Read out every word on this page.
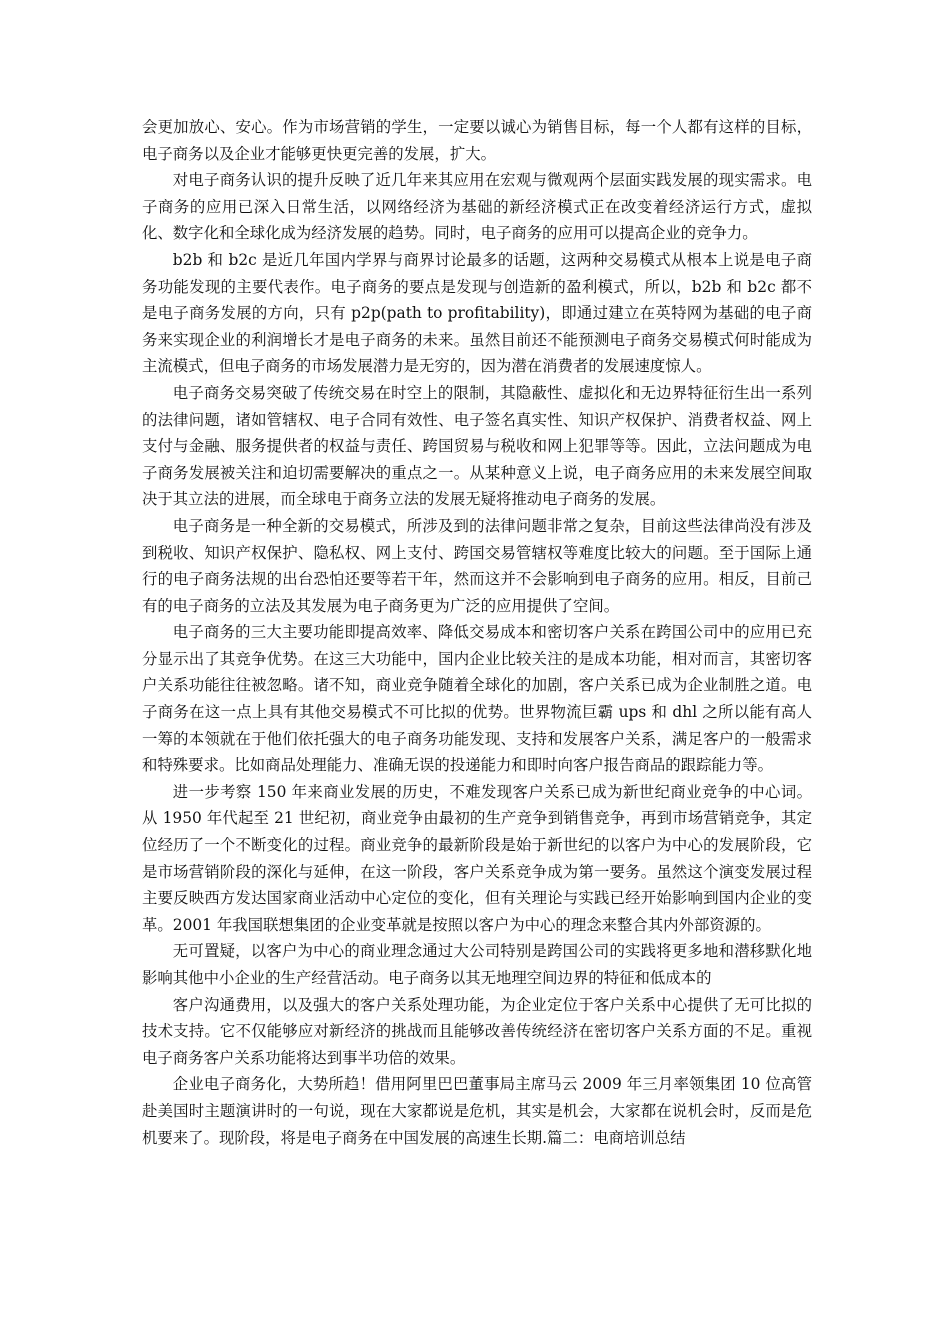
会更加放心、安心。作为市场营销的学生，一定要以诚心为销售目标，每一个人都有这样的目标，电子商务以及企业才能够更快更完善的发展，扩大。

对电子商务认识的提升反映了近几年来其应用在宏观与微观两个层面实践发展的现实需求。电子商务的应用已深入日常生活，以网络经济为基础的新经济模式正在改变着经济运行方式，虚拟化、数字化和全球化成为经济发展的趋势。同时，电子商务的应用可以提高企业的竞争力。

b2b 和 b2c 是近几年国内学界与商界讨论最多的话题，这两种交易模式从根本上说是电子商务功能发现的主要代表作。电子商务的要点是发现与创造新的盈利模式，所以，b2b 和 b2c 都不是电子商务发展的方向，只有 p2p(path to profitability)，即通过建立在英特网为基础的电子商务来实现企业的利润增长才是电子商务的未来。虽然目前还不能预测电子商务交易模式何时能成为主流模式，但电子商务的市场发展潜力是无穷的，因为潜在消费者的发展速度惊人。

电子商务交易突破了传统交易在时空上的限制，其隐蔽性、虚拟化和无边界特征衍生出一系列的法律问题，诸如管辖权、电子合同有效性、电子签名真实性、知识产权保护、消费者权益、网上支付与金融、服务提供者的权益与责任、跨国贸易与税收和网上犯罪等等。因此，立法问题成为电子商务发展被关注和迫切需要解决的重点之一。从某种意义上说，电子商务应用的未来发展空间取决于其立法的进展，而全球电于商务立法的发展无疑将推动电子商务的发展。

电子商务是一种全新的交易模式，所涉及到的法律问题非常之复杂，目前这些法律尚没有涉及到税收、知识产权保护、隐私权、网上支付、跨国交易管辖权等难度比较大的问题。至于国际上通行的电子商务法规的出台恐怕还要等若干年，然而这并不会影响到电子商务的应用。相反，目前己有的电子商务的立法及其发展为电子商务更为广泛的应用提供了空间。

电子商务的三大主要功能即提高效率、降低交易成本和密切客户关系在跨国公司中的应用已充分显示出了其竞争优势。在这三大功能中，国内企业比较关注的是成本功能，相对而言，其密切客户关系功能往往被忽略。诸不知，商业竞争随着全球化的加剧，客户关系已成为企业制胜之道。电子商务在这一点上具有其他交易模式不可比拟的优势。世界物流巨霸 ups 和 dhl 之所以能有高人一筹的本领就在于他们依托强大的电子商务功能发现、支持和发展客户关系，满足客户的一般需求和特殊要求。比如商品处理能力、准确无误的投递能力和即时向客户报告商品的跟踪能力等。

进一步考察 150 年来商业发展的历史，不难发现客户关系已成为新世纪商业竞争的中心词。从 1950 年代起至 21 世纪初，商业竞争由最初的生产竞争到销售竞争，再到市场营销竞争，其定位经历了一个不断变化的过程。商业竞争的最新阶段是始于新世纪的以客户为中心的发展阶段，它是市场营销阶段的深化与延伸，在这一阶段，客户关系竞争成为第一要务。虽然这个演变发展过程主要反映西方发达国家商业活动中心定位的变化，但有关理论与实践已经开始影响到国内企业的变革。2001 年我国联想集团的企业变革就是按照以客户为中心的理念来整合其内外部资源的。

无可置疑，以客户为中心的商业理念通过大公司特别是跨国公司的实践将更多地和潜移默化地影响其他中小企业的生产经营活动。电子商务以其无地理空间边界的特征和低成本的

客户沟通费用，以及强大的客户关系处理功能，为企业定位于客户关系中心提供了无可比拟的技术支持。它不仅能够应对新经济的挑战而且能够改善传统经济在密切客户关系方面的不足。重视电子商务客户关系功能将达到事半功倍的效果。

企业电子商务化，大势所趋！借用阿里巴巴董事局主席马云 2009 年三月率领集团 10 位高管赴美国时主题演讲时的一句说，现在大家都说是危机，其实是机会，大家都在说机会时，反而是危机要来了。现阶段，将是电子商务在中国发展的高速生长期.篇二：电商培训总结
